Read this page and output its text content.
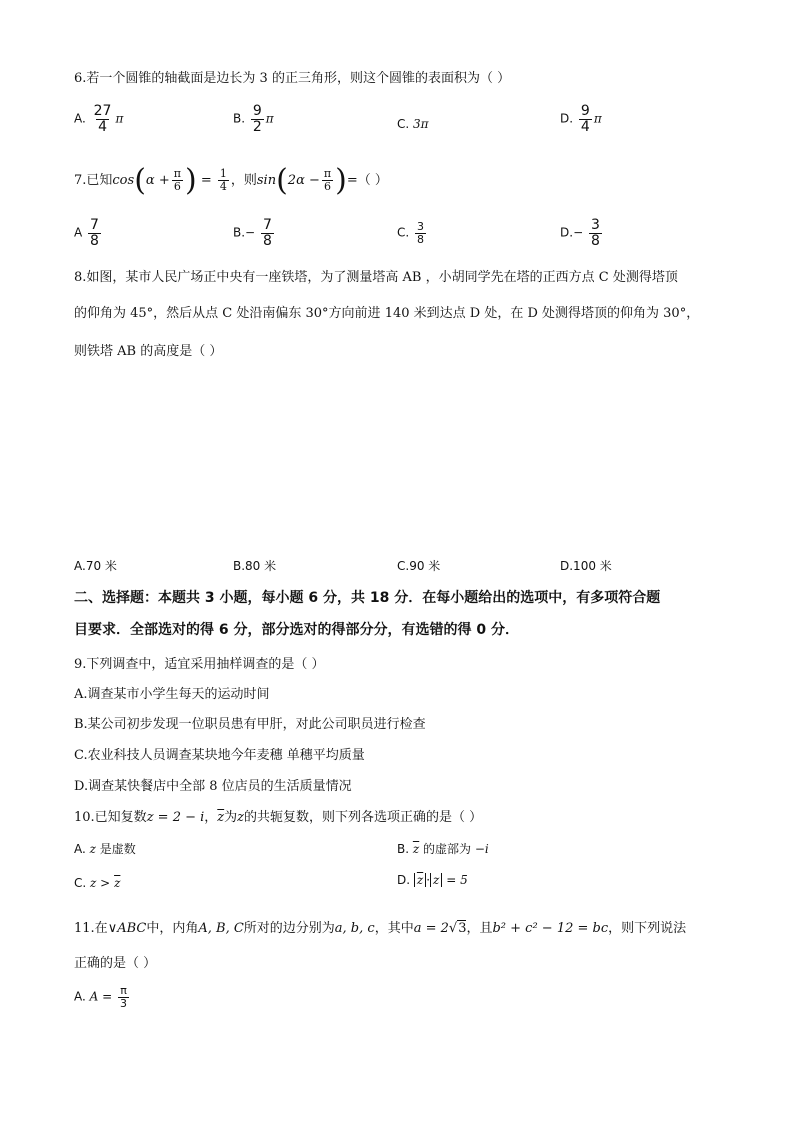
6.若一个圆锥的轴截面是边长为 3 的正三角形，则这个圆锥的表面积为（ ）
A. $\frac{27}{4}$ π	B. $\frac{9}{2}$ π	C. 3π	D. $\frac{9}{4}$ π
7.已知$\cos(\alpha + \frac{\pi}{6}$ ) = $\frac{1}{4}$ ，则$\sin(2\alpha - \frac{\pi}{6}$ )=（ ）
A $\frac{7}{8}$	$B.- \frac{7}{8}$	C. $\frac{3}{8}$	$D.- \frac{3}{8}$
8.如图，某市人民广场正中央有一座铁塔，为了测量塔高 AB ，小胡同学先在塔的正西方点 C 处测得塔顶
的仰角为 45°，然后从点 C 处沿南偏东 30°方向前进 140 米到达点 D 处，在 D 处测得塔顶的仰角为 30°，
则铁塔 AB 的高度是（ ）
A.70 米	B.80 米	C.90 米	D.100 米
二、选择题：本题共 3 小题，每小题 6 分，共 18 分．在每小题给出的选项中，有多项符合题
目要求．全部选对的得 6 分，部分选对的得部分分，有选错的得 0 分．
9.下列调查中，适宜采用抽样调查的是（ ）
A.调查某市小学生每天的运动时间
B.某公司初步发现一位职员患有甲肝，对此公司职员进行检查
C.农业科技人员调查某块地今年麦穗 单穗平均质量
D.调查某快餐店中全部 8 位店员的生活质量情况
10.已知复数z = 2 − i，$\overline{z}$为z的共轭复数，则下列各选项正确的是（ ）
A. z 是虚数	B. $\overline{z}$ 的虚部为 −i
C. $z > \overline{z}$	D. $\overline{z} \cdot z = 5$
11.在∨ABC中，内角A, B, C所对的边分别为a, b, c，其中a = 2√3，且b² + c² − 12 = bc，则下列说法
正确的是（ ）
A. $A = \frac{\pi}{3}$
